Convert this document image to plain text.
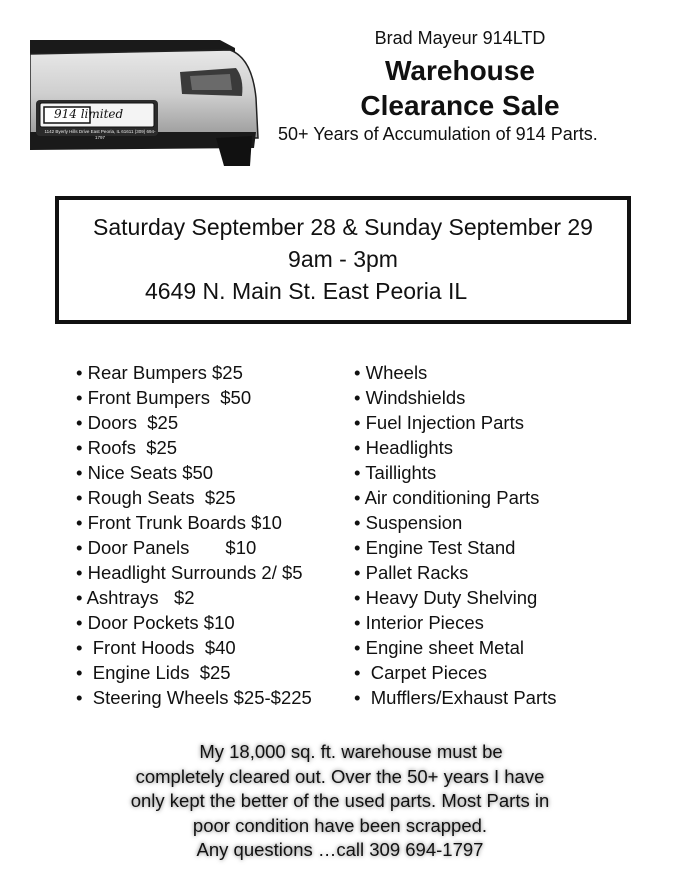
914 limited
1142 Byerly Hills Drive East Peoria, IL 61611 (309) 694-1797
Brad Mayeur 914LTD
Warehouse
Clearance Sale
50+ Years of Accumulation of 914 Parts.
Saturday September 28 & Sunday September 29
9am - 3pm
4649 N. Main St. East Peoria IL
• Rear Bumpers $25
• Front Bumpers  $50
• Doors  $25
• Roofs  $25
• Nice Seats $50
• Rough Seats  $25
• Front Trunk Boards $10
• Door Panels       $10
• Headlight Surrounds 2/ $5
• Ashtrays   $2
• Door Pockets $10
•  Front Hoods  $40
•  Engine Lids  $25
•  Steering Wheels $25-$225
• Wheels
• Windshields
• Fuel Injection Parts
• Headlights
• Taillights
• Air conditioning Parts
• Suspension
• Engine Test Stand
• Pallet Racks
• Heavy Duty Shelving
• Interior Pieces
• Engine sheet Metal
•  Carpet Pieces
•  Mufflers/Exhaust Parts

My 18,000 sq. ft. warehouse must be

completely cleared out. Over the 50+ years I have

only kept the better of the used parts. Most Parts in

poor condition have been scrapped.

Any questions …call 309 694-1797
